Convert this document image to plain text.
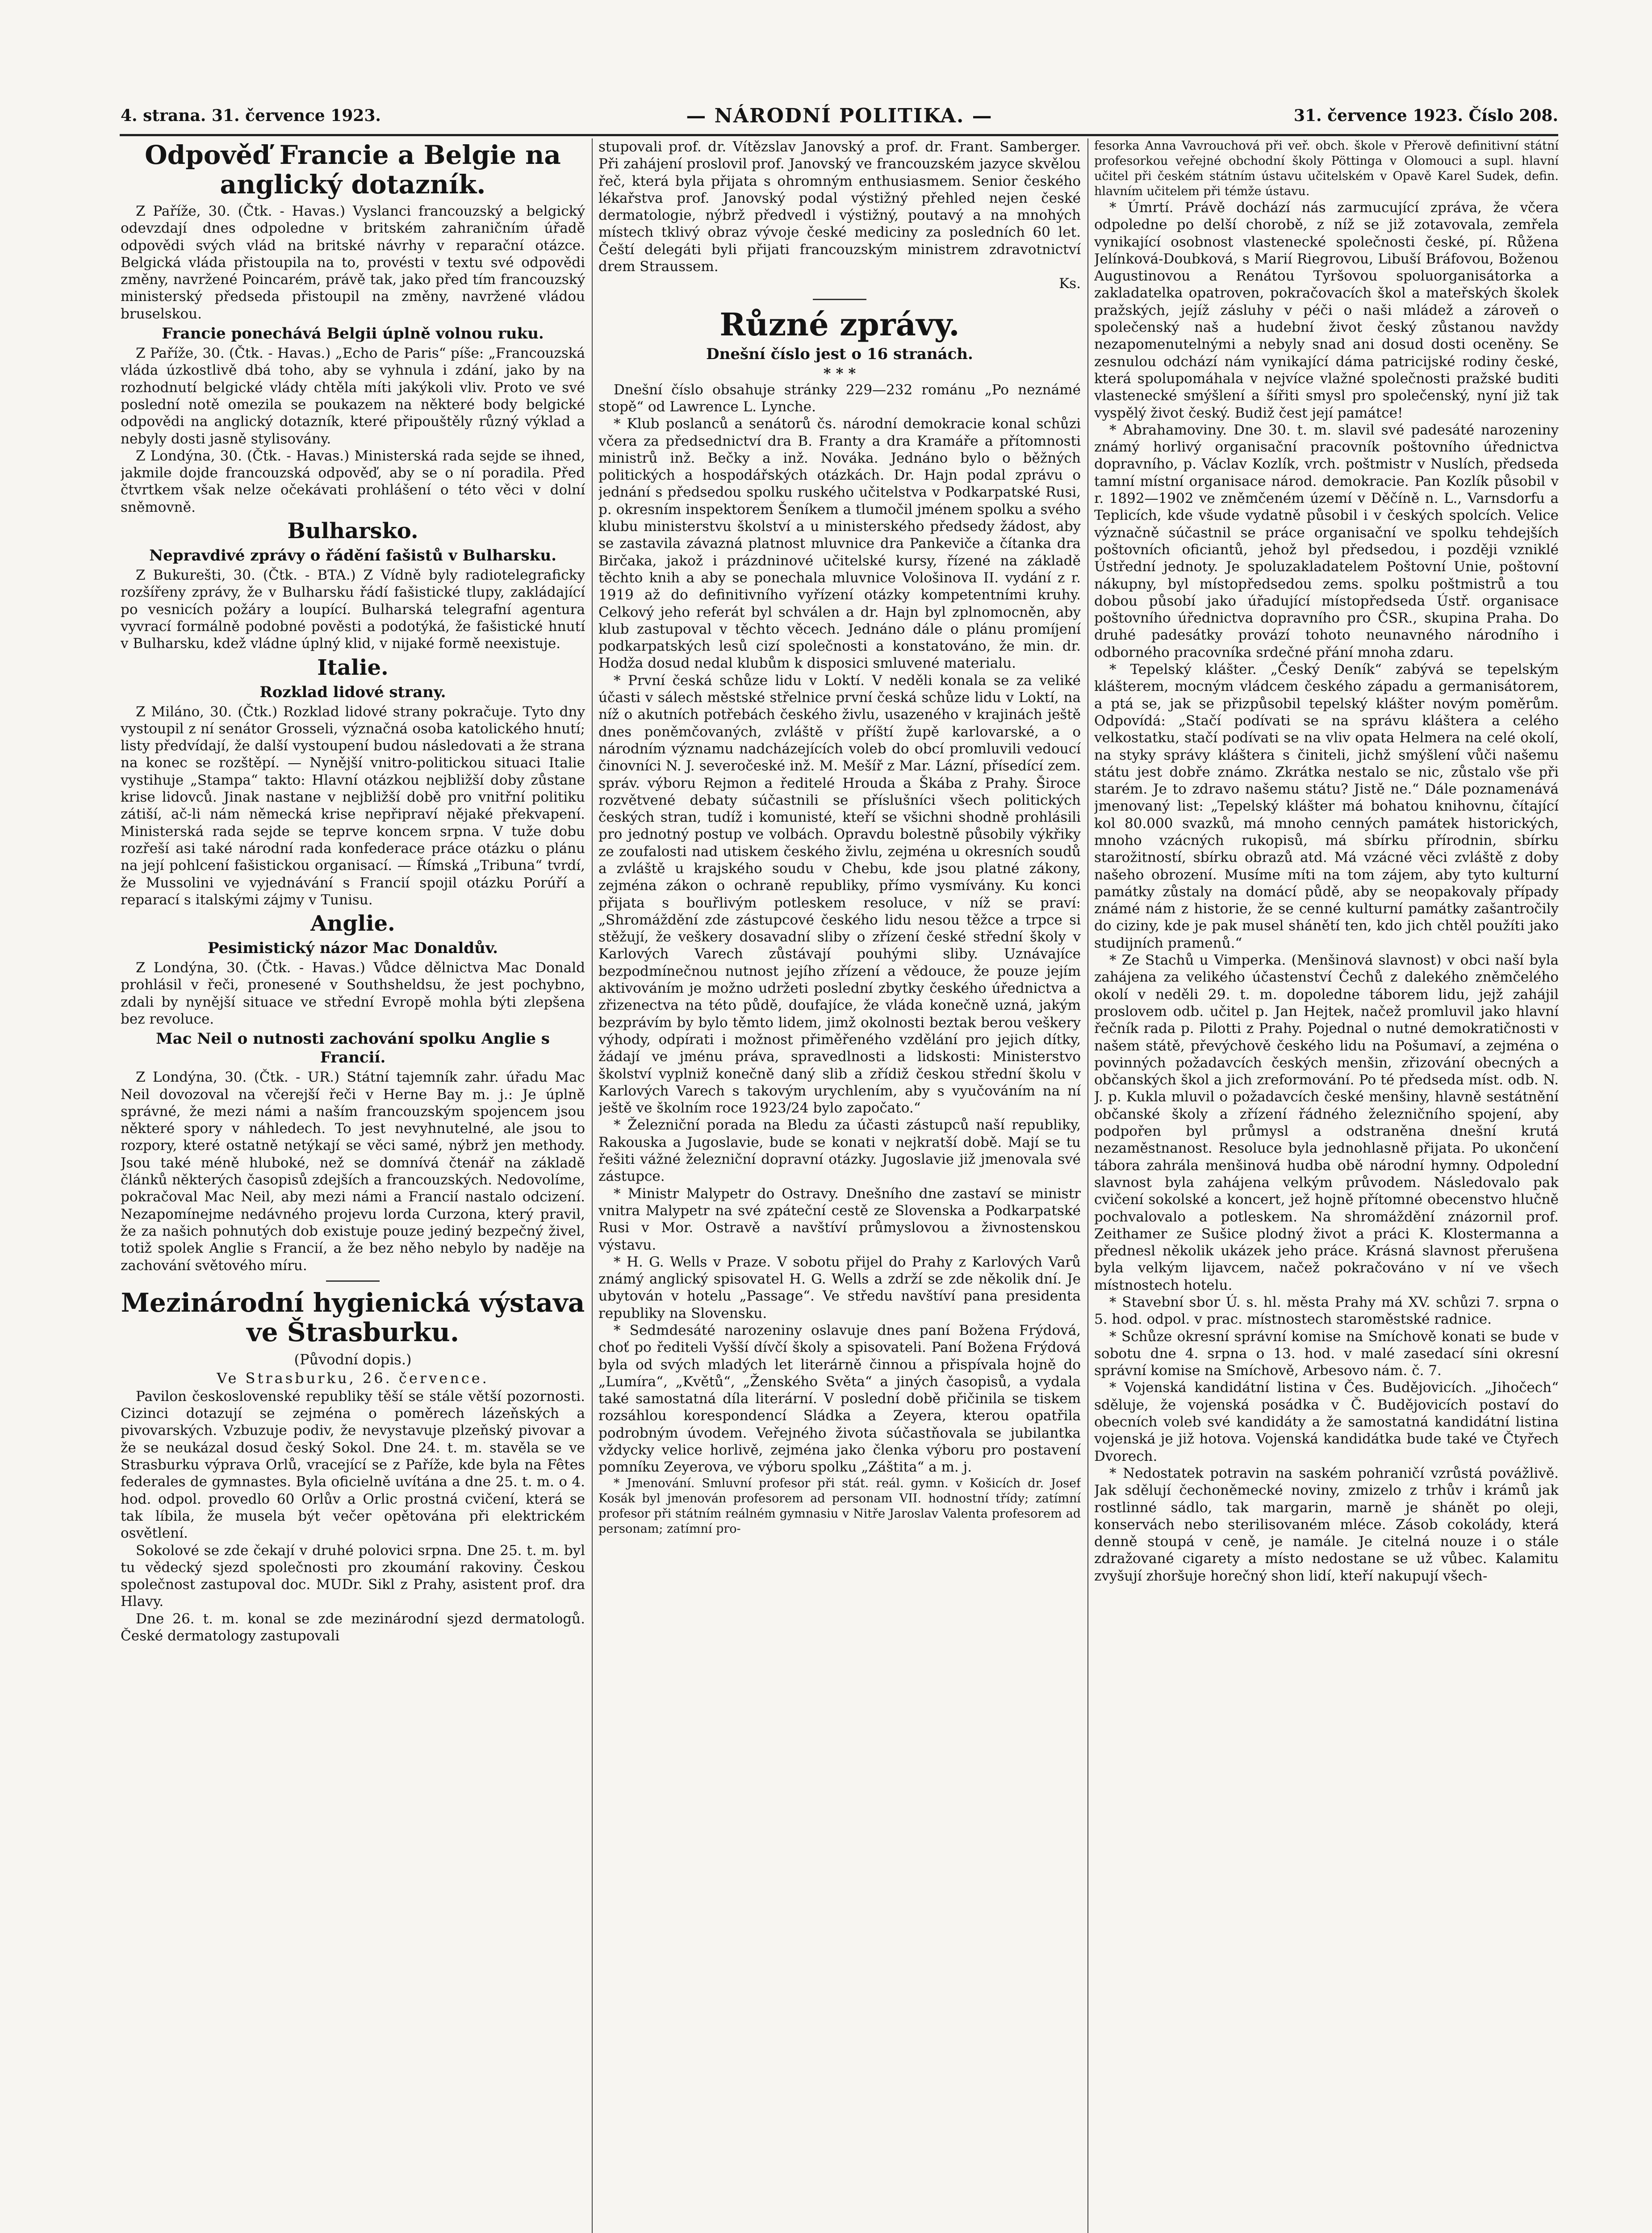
4. strana. 31. července 1923.	— NÁRODNÍ POLITIKA. —	31. července 1923. Číslo 208.
Odpověď Francie a Belgie na anglický dotazník.

Z Paříže, 30. (Čtk. - Havas.) Vyslanci francouzský a belgický odevzdají dnes odpoledne v britském zahraničním úřadě odpovědi svých vlád na britské návrhy v reparační otázce. Belgická vláda přistoupila na to, provésti v textu své odpovědi změny, navržené Poincarém, právě tak, jako před tím francouzský ministerský předseda přistoupil na změny, navržené vládou bruselskou.

Francie ponechává Belgii úplně volnou ruku.

Z Paříže, 30. (Čtk. - Havas.) „Echo de Paris“ píše: „Francouzská vláda úzkostlivě dbá toho, aby se vyhnula i zdání, jako by na rozhodnutí belgické vlády chtěla míti jakýkoli vliv. Proto ve své poslední notě omezila se poukazem na některé body belgické odpovědi na anglický dotazník, které připouštěly různý výklad a nebyly dosti jasně stylisovány.

Z Londýna, 30. (Čtk. - Havas.) Ministerská rada sejde se ihned, jakmile dojde francouzská odpověď, aby se o ní poradila. Před čtvrtkem však nelze očekávati prohlášení o této věci v dolní sněmovně.

Bulharsko.
Nepravdivé zprávy o řádění fašistů v Bulharsku.

Z Bukurešti, 30. (Čtk. - BTA.) Z Vídně byly radiotelegraficky rozšířeny zprávy, že v Bulharsku řádí fašistické tlupy, zakládající po vesnicích požáry a loupící. Bulharská telegrafní agentura vyvrací formálně podobné pověsti a podotýká, že fašistické hnutí v Bulharsku, kdež vládne úplný klid, v nijaké formě neexistuje.

Italie.
Rozklad lidové strany.

Z Miláno, 30. (Čtk.) Rozklad lidové strany pokračuje. Tyto dny vystoupil z ní senátor Grosseli, význačná osoba katolického hnutí; listy předvídají, že další vystoupení budou následovati a že strana na konec se rozštěpí. — Nynější vnitro-politickou situaci Italie vystihuje „Stampa“ takto: Hlavní otázkou nejbližší doby zůstane krise lidovců. Jinak nastane v nejbližší době pro vnitřní politiku zátiší, ač-li nám německá krise nepřipraví nějaké překvapení. Ministerská rada sejde se teprve koncem srpna. V tuže dobu rozřeší asi také národní rada konfederace práce otázku o plánu na její pohlcení fašistickou organisací. — Římská „Tribuna“ tvrdí, že Mussolini ve vyjednávání s Francií spojil otázku Porúří a reparací s italskými zájmy v Tunisu.

Anglie.
Pesimistický názor Mac Donaldův.

Z Londýna, 30. (Čtk. - Havas.) Vůdce dělnictva Mac Donald prohlásil v řeči, pronesené v Southsheldsu, že jest pochybno, zdali by nynější situace ve střední Evropě mohla býti zlepšena bez revoluce.

Mac Neil o nutnosti zachování spolku Anglie s Francií.

Z Londýna, 30. (Čtk. - UR.) Státní tajemník zahr. úřadu Mac Neil dovozoval na včerejší řeči v Herne Bay m. j.: Je úplně správné, že mezi námi a naším francouzským spojencem jsou některé spory v náhledech. To jest nevyhnutelné, ale jsou to rozpory, které ostatně netýkají se věci samé, nýbrž jen methody. Jsou také méně hluboké, než se domnívá čtenář na základě článků některých časopisů zdejších a francouzských. Nedovolíme, pokračoval Mac Neil, aby mezi námi a Francií nastalo odcizení. Nezapomínejme nedávného projevu lorda Curzona, který pravil, že za našich pohnutých dob existuje pouze jediný bezpečný živel, totiž spolek Anglie s Francií, a že bez něho nebylo by naděje na zachování světového míru.

Mezinárodní hygienická výstava ve Štrasburku.
(Původní dopis.)
Ve Strasburku, 26. července.

Pavilon československé republiky těší se stále větší pozornosti. Cizinci dotazují se zejména o poměrech lázeňských a pivovarských. Vzbuzuje podiv, že nevystavuje plzeňský pivovar a že se neukázal dosud český Sokol. Dne 24. t. m. stavěla se ve Strasburku výprava Orlů, vracející se z Paříže, kde byla na Fêtes federales de gymnastes. Byla oficielně uvítána a dne 25. t. m. o 4. hod. odpol. provedlo 60 Orlův a Orlic prostná cvičení, která se tak líbila, že musela být večer opětována při elektrickém osvětlení.

Sokolové se zde čekají v druhé polovici srpna. Dne 25. t. m. byl tu vědecký sjezd společnosti pro zkoumání rakoviny. Českou společnost zastupoval doc. MUDr. Sikl z Prahy, asistent prof. dra Hlavy.

Dne 26. t. m. konal se zde mezinárodní sjezd dermatologů. České dermatology zastupovali

stupovali prof. dr. Vítězslav Janovský a prof. dr. Frant. Samberger. Při zahájení proslovil prof. Janovský ve francouzském jazyce skvělou řeč, která byla přijata s ohromným enthusiasmem. Senior českého lékařstva prof. Janovský podal výstižný přehled nejen české dermatologie, nýbrž předvedl i výstižný, poutavý a na mnohých místech tklivý obraz vývoje české mediciny za posledních 60 let. Čeští delegáti byli přijati francouzským ministrem zdravotnictví drem Straussem.

Ks.
Různé zprávy.
Dnešní číslo jest o 16 stranách.
* * *

Dnešní číslo obsahuje stránky 229—232 románu „Po neznámé stopě“ od Lawrence L. Lynche.

* Klub poslanců a senátorů čs. národní demokracie konal schůzi včera za předsednictví dra B. Franty a dra Kramáře a přítomnosti ministrů inž. Bečky a inž. Nováka. Jednáno bylo o běžných politických a hospodářských otázkách. Dr. Hajn podal zprávu o jednání s předsedou spolku ruského učitelstva v Podkarpatské Rusi, p. okresním inspektorem Šeníkem a tlumočil jménem spolku a svého klubu ministerstvu školství a u ministerského předsedy žádost, aby se zastavila závazná platnost mluvnice dra Pankeviče a čítanka dra Birčaka, jakož i prázdninové učitelské kursy, řízené na základě těchto knih a aby se ponechala mluvnice Vološinova II. vydání z r. 1919 až do definitivního vyřízení otázky kompetentními kruhy. Celkový jeho referát byl schválen a dr. Hajn byl zplnomocněn, aby klub zastupoval v těchto věcech. Jednáno dále o plánu promíjení podkarpatských lesů cizí společnosti a konstatováno, že min. dr. Hodža dosud nedal klubům k disposici smluvené materialu.

* První česká schůze lidu v Loktí. V neděli konala se za veliké účasti v sálech městské střelnice první česká schůze lidu v Loktí, na níž o akutních potřebách českého živlu, usazeného v krajinách ještě dnes poněmčovaných, zvláště v příští župě karlovarské, a o národním významu nadcházejících voleb do obcí promluvili vedoucí činovníci N. J. severočeské inž. M. Mešíř z Mar. Lázní, přísedící zem. správ. výboru Rejmon a ředitelé Hrouda a Škába z Prahy. Široce rozvětvené debaty súčastnili se příslušníci všech politických českých stran, tudíž i komunisté, kteří se všichni shodně prohlásili pro jednotný postup ve volbách. Opravdu bolestně působily výkřiky ze zoufalosti nad utiskem českého živlu, zejména u okresních soudů a zvláště u krajského soudu v Chebu, kde jsou platné zákony, zejména zákon o ochraně republiky, přímo vysmívány. Ku konci přijata s bouřlivým potleskem resoluce, v níž se praví: „Shromáždění zde zástupcové českého lidu nesou těžce a trpce si stěžují, že veškery dosavadní sliby o zřízení české střední školy v Karlových Varech zůstávají pouhými sliby. Uznávajíce bezpodmínečnou nutnost jejího zřízení a vědouce, že pouze jejím aktivováním je možno udržeti poslední zbytky českého úřednictva a zřizenectva na této půdě, doufajíce, že vláda konečně uzná, jakým bezprávím by bylo těmto lidem, jimž okolnosti beztak berou veškery výhody, odpírati i možnost přiměřeného vzdělání pro jejich dítky, žádají ve jménu práva, spravedlnosti a lidskosti: Ministerstvo školství vyplniž konečně daný slib a zřídiž českou střední školu v Karlových Varech s takovým urychlením, aby s vyučováním na ní ještě ve školním roce 1923/24 bylo započato.“

* Železniční porada na Bledu za účasti zástupců naší republiky, Rakouska a Jugoslavie, bude se konati v nejkratší době. Mají se tu řešiti vážné železniční dopravní otázky. Jugoslavie již jmenovala své zástupce.

* Ministr Malypetr do Ostravy. Dnešního dne zastaví se ministr vnitra Malypetr na své zpáteční cestě ze Slovenska a Podkarpatské Rusi v Mor. Ostravě a navštíví průmyslovou a živnostenskou výstavu.

* H. G. Wells v Praze. V sobotu přijel do Prahy z Karlových Varů známý anglický spisovatel H. G. Wells a zdrží se zde několik dní. Je ubytován v hotelu „Passage“. Ve středu navštíví pana presidenta republiky na Slovensku.

* Sedmdesáté narozeniny oslavuje dnes paní Božena Frýdová, choť po řediteli Vyšší dívčí školy a spisovateli. Paní Božena Frýdová byla od svých mladých let literárně činnou a přispívala hojně do „Lumíra“, „Květů“, „Ženského Světa“ a jiných časopisů, a vydala také samostatná díla literární. V poslední době přičinila se tiskem rozsáhlou korespondencí Sládka a Zeyera, kterou opatřila podrobným úvodem. Veřejného života súčastňovala se jubilantka vždycky velice horlivě, zejména jako členka výboru pro postavení pomníku Zeyerova, ve výboru spolku „Záštita“ a m. j.

* Jmenování. Smluvní profesor při stát. reál. gymn. v Košicích dr. Josef Kosák byl jmenován profesorem ad personam VII. hodnostní třídy; zatímní profesor při státním reálném gymnasiu v Nitře Jaroslav Valenta profesorem ad personam; zatímní pro-

fesorka Anna Vavrouchová při veř. obch. škole v Přerově definitivní státní profesorkou veřejné obchodní školy Pöttinga v Olomouci a supl. hlavní učitel při českém státním ústavu učitelském v Opavě Karel Sudek, defin. hlavním učitelem při témže ústavu.

* Úmrtí. Právě dochází nás zarmucující zpráva, že včera odpoledne po delší chorobě, z níž se již zotavovala, zemřela vynikající osobnost vlastenecké společnosti české, pí. Růžena Jelínková-Doubková, s Marií Riegrovou, Libuší Bráfovou, Boženou Augustinovou a Renátou Tyršovou spoluorganisátorka a zakladatelka opatroven, pokračovacích škol a mateřských školek pražských, jejíž zásluhy v péči o naši mládež a zároveň o společenský naš a hudební život český zůstanou navždy nezapomenutelnými a nebyly snad ani dosud dosti oceněny. Se zesnulou odchází nám vynikající dáma patricijské rodiny české, která spolupomáhala v nejvíce vlažné společnosti pražské buditi vlastenecké smýšlení a šířiti smysl pro společenský, nyní již tak vyspělý život český. Budiž čest její památce!

* Abrahamoviny. Dne 30. t. m. slavil své padesáté narozeniny známý horlivý organisační pracovník poštovního úřednictva dopravního, p. Václav Kozlík, vrch. poštmistr v Nuslích, předseda tamní místní organisace národ. demokracie. Pan Kozlík působil v r. 1892—1902 ve zněmčeném území v Děčíně n. L., Varnsdorfu a Teplicích, kde všude vydatně působil i v českých spolcích. Velice význačně súčastnil se práce organisační ve spolku tehdejších poštovních oficiantů, jehož byl předsedou, i později vzniklé Ústřední jednoty. Je spoluzakladatelem Poštovní Unie, poštovní nákupny, byl místopředsedou zems. spolku poštmistrů a tou dobou působí jako úřadující místopředseda Ústř. organisace poštovního úřednictva dopravního pro ČSR., skupina Praha. Do druhé padesátky provází tohoto neunavného národního i odborného pracovníka srdečné přání mnoha zdaru.

* Tepelský klášter. „Český Deník“ zabývá se tepelským klášterem, mocným vládcem českého západu a germanisátorem, a ptá se, jak se přizpůsobil tepelský klášter novým poměrům. Odpovídá: „Stačí podívati se na správu kláštera a celého velkostatku, stačí podívati se na vliv opata Helmera na celé okolí, na styky správy kláštera s činiteli, jichž smýšlení vůči našemu státu jest dobře známo. Zkrátka nestalo se nic, zůstalo vše při starém. Je to zdravo našemu státu? Jistě ne.“ Dále poznamenává jmenovaný list: „Tepelský klášter má bohatou knihovnu, čítající kol 80.000 svazků, má mnoho cenných památek historických, mnoho vzácných rukopisů, má sbírku přírodnin, sbírku starožitností, sbírku obrazů atd. Má vzácné věci zvláště z doby našeho obrození. Musíme míti na tom zájem, aby tyto kulturní památky zůstaly na domácí půdě, aby se neopakovaly případy známé nám z historie, že se cenné kulturní památky zašantročily do ciziny, kde je pak musel shánětí ten, kdo jich chtěl použíti jako studijních pramenů.“

* Ze Stachů u Vimperka. (Menšinová slavnost) v obci naší byla zahájena za velikého účastenství Čechů z dalekého zněmčelého okolí v neděli 29. t. m. dopoledne táborem lidu, jejž zahájil proslovem odb. učitel p. Jan Hejtek, načež promluvil jako hlavní řečník rada p. Pilotti z Prahy. Pojednal o nutné demokratičnosti v našem státě, převýchově českého lidu na Pošumaví, a zejména o povinných požadavcích českých menšin, zřizování obecných a občanských škol a jich zreformování. Po té předseda míst. odb. N. J. p. Kukla mluvil o požadavcích české menšiny, hlavně sestátnění občanské školy a zřízení řádného železničního spojení, aby podpořen byl průmysl a odstraněna dnešní krutá nezaměstnanost. Resoluce byla jednohlasně přijata. Po ukončení tábora zahrála menšinová hudba obě národní hymny. Odpolední slavnost byla zahájena velkým průvodem. Následovalo pak cvičení sokolské a koncert, jež hojně přítomné obecenstvo hlučně pochvalovalo a potleskem. Na shromáždění znázornil prof. Zeithamer ze Sušice plodný život a práci K. Klostermanna a přednesl několik ukázek jeho práce. Krásná slavnost přerušena byla velkým lijavcem, načež pokračováno v ní ve všech místnostech hotelu.

* Stavební sbor Ú. s. hl. města Prahy má XV. schůzi 7. srpna o 5. hod. odpol. v prac. místnostech staroměstské radnice.

* Schůze okresní správní komise na Smíchově konati se bude v sobotu dne 4. srpna o 13. hod. v malé zasedací síni okresní správní komise na Smíchově, Arbesovo nám. č. 7.

* Vojenská kandidátní listina v Čes. Budějovicích. „Jihočech“ sděluje, že vojenská posádka v Č. Budějovicích postaví do obecních voleb své kandidáty a že samostatná kandidátní listina vojenská je již hotova. Vojenská kandidátka bude také ve Čtyřech Dvorech.

* Nedostatek potravin na saském pohraničí vzrůstá povážlivě. Jak sdělují čechoněmecké noviny, zmizelo z trhův i krámů jak rostlinné sádlo, tak margarin, marně je shánět po oleji, konservách nebo sterilisovaném mléce. Zásob cokolády, která denně stoupá v ceně, je namále. Je citelná nouze i o stále zdražované cigarety a místo nedostane se už vůbec. Kalamitu zvyšují zhoršuje horečný shon lidí, kteří nakupují všech-
